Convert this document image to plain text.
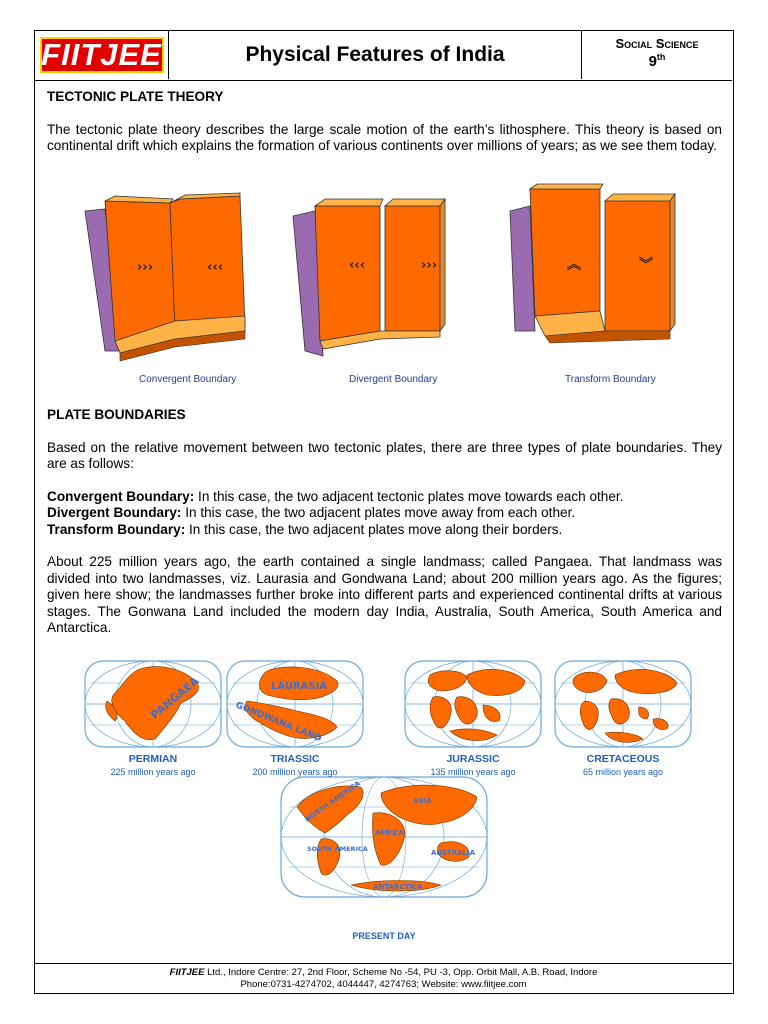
FIITJEE	Physical Features of India	Social Science
9th
TECTONIC PLATE THEORY

The tectonic plate theory describes the large scale motion of the earth’s lithosphere. This theory is based on continental drift which explains the formation of various continents over millions of years; as we see them today.

›››	‹‹‹	‹‹‹	›››	︽	︾
Convergent Boundary	Divergent Boundary	Transform Boundary
PLATE BOUNDARIES

Based on the relative movement between two tectonic plates, there are three types of plate boundaries. They are as follows:

Convergent Boundary: In this case, the two adjacent tectonic plates move towards each other.
Divergent Boundary: In this case, the two adjacent plates move away from each other.
Transform Boundary: In this case, the two adjacent plates move along their borders.

About 225 million years ago, the earth contained a single landmass; called Pangaea. That landmass was divided into two landmasses, viz. Laurasia and Gondwana Land; about 200 million years ago. As the figures; given here show; the landmasses further broke into different parts and experienced continental drifts at various stages. The Gonwana Land included the modern day India, Australia, South America, South America and Antarctica.

PANGAEA	LAURASIA
GONDWANA LAND
NORTH AMERICA	ASIA
AFRICA
SOUTH AMERICA	AUSTRALIA
ANTARCTICA
PERMIAN
225 million years ago
TRIASSIC
200 million years ago
JURASSIC
135 million years ago
CRETACEOUS
65 million years ago
PRESENT DAY
FIITJEE Ltd., Indore Centre: 27, 2nd Floor, Scheme No -54, PU -3, Opp. Orbit Mall, A.B. Road, Indore
Phone:0731-4274702, 4044447, 4274763; Website: www.fiitjee.com
